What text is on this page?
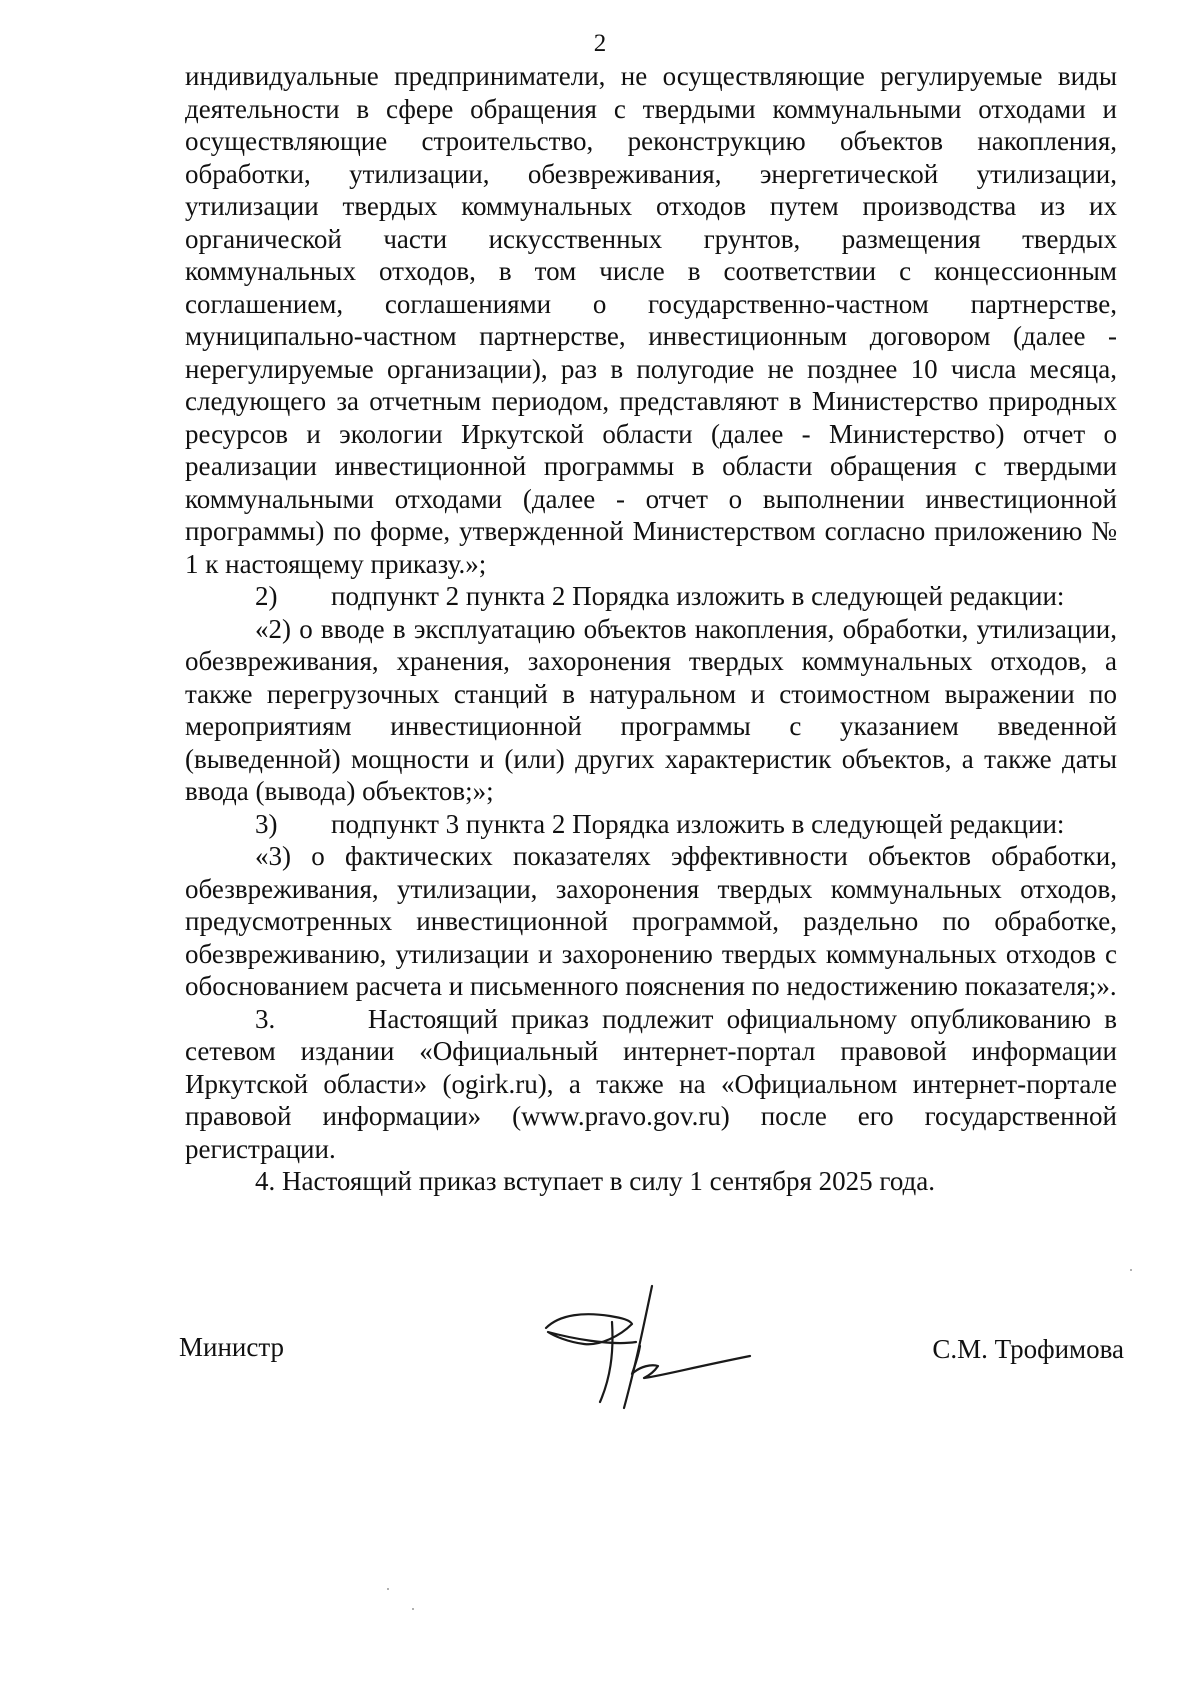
2

индивидуальные предприниматели, не осуществляющие регулируемые виды деятельности в сфере обращения с твердыми коммунальными отходами и осуществляющие строительство, реконструкцию объектов накопления, обработки, утилизации, обезвреживания, энергетической утилизации, утилизации твердых коммунальных отходов путем производства из их органической части искусственных грунтов, размещения твердых коммунальных отходов, в том числе в соответствии с концессионным соглашением, соглашениями о государственно-частном партнерстве, муниципально-частном партнерстве, инвестиционным договором (далее - нерегулируемые организации), раз в полугодие не позднее 10 числа месяца, следующего за отчетным периодом, представляют в Министерство природных ресурсов и экологии Иркутской области (далее - Министерство) отчет о реализации инвестиционной программы в области обращения с твердыми коммунальными отходами (далее - отчет о выполнении инвестиционной программы) по форме, утвержденной Министерством согласно приложению № 1 к настоящему приказу.»;

2) подпункт 2 пункта 2 Порядка изложить в следующей редакции:

«2) о вводе в эксплуатацию объектов накопления, обработки, утилизации, обезвреживания, хранения, захоронения твердых коммунальных отходов, а также перегрузочных станций в натуральном и стоимостном выражении по мероприятиям инвестиционной программы с указанием введенной (выведенной) мощности и (или) других характеристик объектов, а также даты ввода (вывода) объектов;»;

3) подпункт 3 пункта 2 Порядка изложить в следующей редакции:

«3) о фактических показателях эффективности объектов обработки, обезвреживания, утилизации, захоронения твердых коммунальных отходов, предусмотренных инвестиционной программой, раздельно по обработке, обезвреживанию, утилизации и захоронению твердых коммунальных отходов с обоснованием расчета и письменного пояснения по недостижению показателя;».

3.	Настоящий приказ подлежит официальному опубликованию в сетевом издании «Официальный интернет-портал правовой информации Иркутской области» (ogirk.ru), а также на «Официальном интернет-портале правовой информации» (www.pravo.gov.ru) после его государственной регистрации.

4. Настоящий приказ вступает в силу 1 сентября 2025 года.

Министр	С.М. Трофимова
